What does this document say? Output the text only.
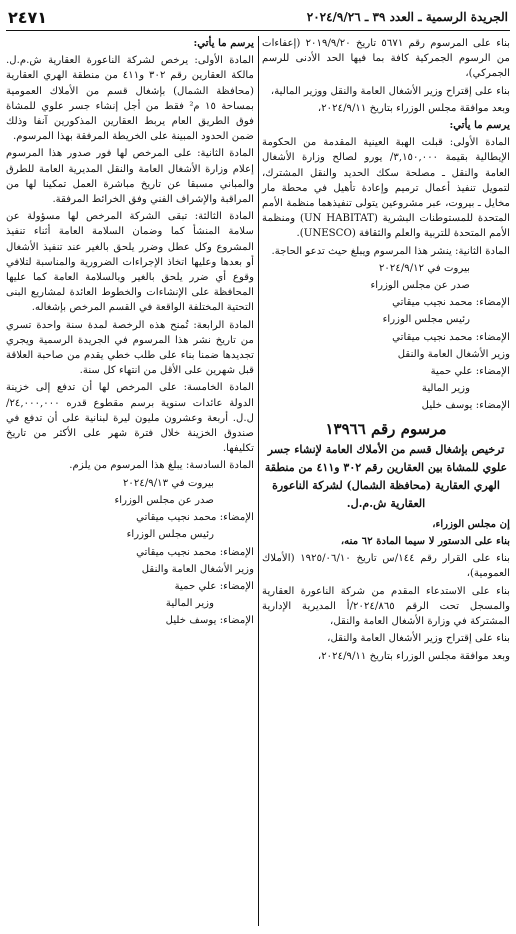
الجريدة الرسمية ـ العدد ٣٩ ـ ٢٠٢٤/٩/٢٦
٢٤٧١

بناء على المرسوم رقم ٥٦٧١ تاريخ ٢٠١٩/٩/٢٠ (إعفاءات من الرسوم الجمركية كافة بما فيها الحد الأدنى للرسم الجمركي)،

بناء على إقتراح وزير الأشغال العامة والنقل ووزير المالية،

وبعد موافقة مجلس الوزراء بتاريخ ٢٠٢٤/٩/١١،

يرسم ما يأتي:

المادة الأولى: قبلت الهبة العينية المقدمة من الحكومة الإيطالية بقيمة ٣,١٥٠,٠٠٠/ يورو لصالح وزارة الأشغال العامة والنقل ـ مصلحة سكك الحديد والنقل المشترك، لتمويل تنفيذ أعمال ترميم وإعادة تأهيل في محطة مار مخايل ـ بيروت، عبر مشروعين يتولى تنفيذهما منظمة الأمم المتحدة للمستوطنات البشرية (UN HABITAT) ومنظمة الأمم المتحدة للتربية والعلم والثقافة (UNESCO).

المادة الثانية: ينشر هذا المرسوم ويبلغ حيث تدعو الحاجة.

بيروت في ٢٠٢٤/٩/١٢

صدر عن مجلس الوزراء

الإمضاء: محمد نجيب ميقاتي

رئيس مجلس الوزراء

الإمضاء: محمد نجيب ميقاتي

وزير الأشغال العامة والنقل

الإمضاء: علي حمية

وزير المالية

الإمضاء: يوسف خليل

مرسوم رقم ١٣٩٦٦
ترخيص بإشغال قسم من الأملاك العامة لإنشاء جسر علوي للمشاة بين العقارين رقم ٣٠٢ و٤١١ من منطقة الهري العقارية (محافظة الشمال) لشركة الناعورة العقارية ش.م.ل.

إن مجلس الوزراء،

بناء على الدستور لا سيما المادة ٦٢ منه،

بناء على القرار رقم ١٤٤/س تاريخ ١٩٢٥/٠٦/١٠ (الأملاك العمومية)،

بناء على الاستدعاء المقدم من شركة الناعورة العقارية والمسجل تحت الرقم ٢٠٢٤/٨٦٥/أ المديرية الإدارية المشتركة في وزارة الأشغال العامة والنقل،

بناء على إقتراح وزير الأشغال العامة والنقل،

وبعد موافقة مجلس الوزراء بتاريخ ٢٠٢٤/٩/١١،

يرسم ما يأتي:

المادة الأولى: يرخص لشركة الناعورة العقارية ش.م.ل. مالكة العقارين رقم ٣٠٢ و٤١١ من منطقة الهري العقارية (محافظة الشمال) بإشغال قسم من الأملاك العمومية بمساحة ١٥ م² فقط من أجل إنشاء جسر علوي للمشاة فوق الطريق العام يربط العقارين المذكورين آنفا وذلك ضمن الحدود المبينة على الخريطة المرفقة بهذا المرسوم.

المادة الثانية: على المرخص لها فور صدور هذا المرسوم إعلام وزارة الأشغال العامة والنقل المديرية العامة للطرق والمباني مسبقا عن تاريخ مباشرة العمل تمكينا لها من المراقبة والإشراف الفني وفق الخرائط المرفقة.

المادة الثالثة: تبقى الشركة المرخص لها مسؤولة عن سلامة المنشأ كما وضمان السلامة العامة أثناء تنفيذ المشروع وكل عطل وضرر يلحق بالغير عند تنفيذ الأشغال أو بعدها وعليها اتخاذ الإجراءات الضرورية والمناسبة لتلافي وقوع أي ضرر يلحق بالغير وبالسلامة العامة كما عليها المحافظة على الإنشاءات والخطوط العائدة لمشاريع البنى التحتية المختلفة الواقعة في القسم المرخص بإشغاله.

المادة الرابعة: تُمنح هذه الرخصة لمدة سنة واحدة تسري من تاريخ نشر هذا المرسوم في الجريدة الرسمية ويجري تجديدها ضمنا بناء على طلب خطي يقدم من صاحبة العلاقة قبل شهرين على الأقل من انتهاء كل سنة.

المادة الخامسة: على المرخص لها أن تدفع إلى خزينة الدولة عائدات سنوية برسم مقطوع قدره ٢٤,٠٠٠,٠٠٠/ ل.ل. أربعة وعشرون مليون ليرة لبنانية على أن تدفع في صندوق الخزينة خلال فترة شهر على الأكثر من تاريخ تكليفها.

المادة السادسة: يبلغ هذا المرسوم من يلزم.

بيروت في ٢٠٢٤/٩/١٣

صدر عن مجلس الوزراء

الإمضاء: محمد نجيب ميقاتي

رئيس مجلس الوزراء

الإمضاء: محمد نجيب ميقاتي

وزير الأشغال العامة والنقل

الإمضاء: علي حمية

وزير المالية

الإمضاء: يوسف خليل
